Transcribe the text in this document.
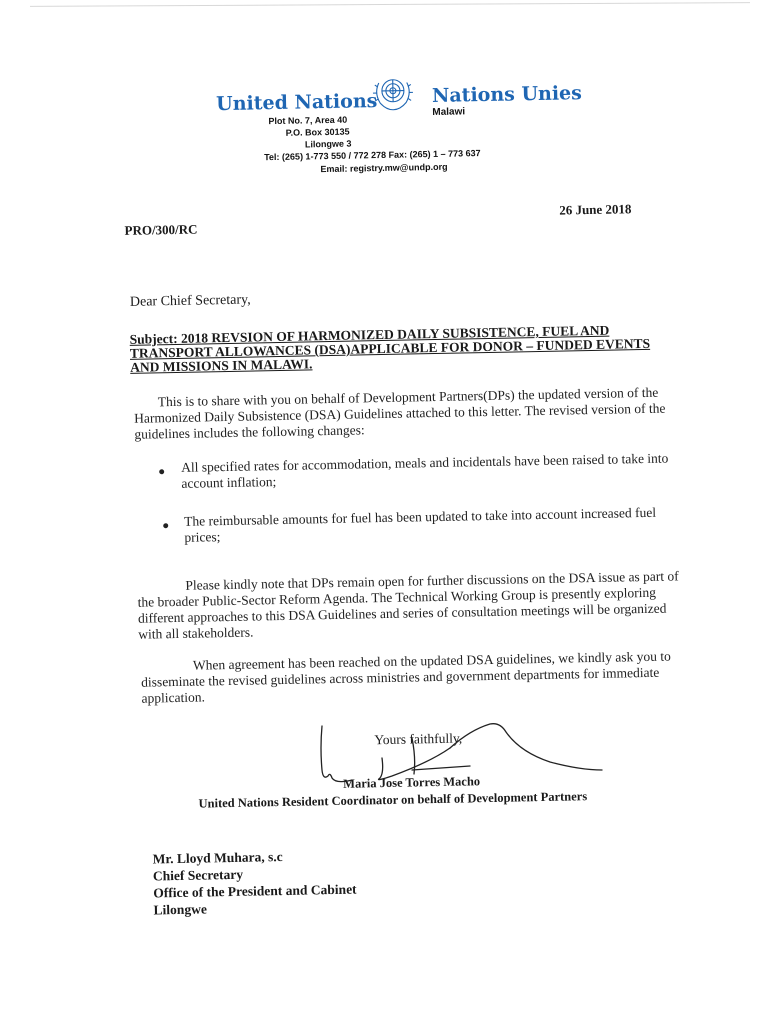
United Nations	Nations Unies
Malawi
Plot No. 7, Area 40
P.O. Box 30135
Lilongwe 3
Tel: (265) 1-773 550 / 772 278 Fax: (265) 1 – 773 637
Email: registry.mw@undp.org
PRO/300/RC
26 June 2018
Dear Chief Secretary,
Subject: 2018 REVSION OF HARMONIZED DAILY SUBSISTENCE, FUEL AND TRANSPORT ALLOWANCES (DSA)APPLICABLE FOR DONOR – FUNDED EVENTS AND MISSIONS IN MALAWI.
This is to share with you on behalf of Development Partners(DPs) the updated version of the Harmonized Daily Subsistence (DSA) Guidelines attached to this letter. The revised version of the guidelines includes the following changes:
All specified rates for accommodation, meals and incidentals have been raised to take into account inflation;
The reimbursable amounts for fuel has been updated to take into account increased fuel prices;
Please kindly note that DPs remain open for further discussions on the DSA issue as part of the broader Public-Sector Reform Agenda. The Technical Working Group is presently exploring different approaches to this DSA Guidelines and series of consultation meetings will be organized with all stakeholders.
When agreement has been reached on the updated DSA guidelines, we kindly ask you to disseminate the revised guidelines across ministries and government departments for immediate application.
Yours faithfully,
Maria Jose Torres Macho
United Nations Resident Coordinator on behalf of Development Partners
Mr. Lloyd Muhara, s.c
Chief Secretary
Office of the President and Cabinet
Lilongwe
